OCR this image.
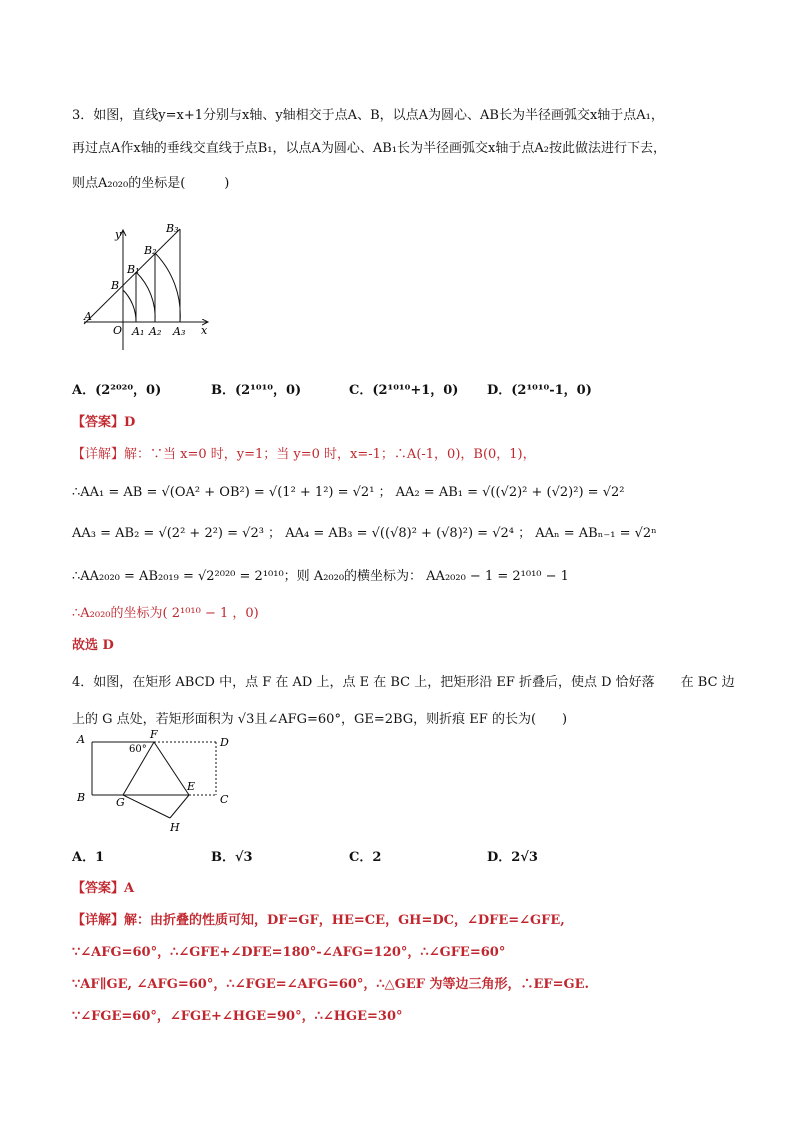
3．如图，直线y=x+1分别与x轴、y轴相交于点A、B，以点A为圆心、AB长为半径画弧交x轴于点A₁，
再过点A作x轴的垂线交直线于点B₁，以点A为圆心、AB₁长为半径画弧交x轴于点A₂按此做法进行下去，
则点A₂₀₂₀的坐标是(　　　)
y
x
A
O
B
B₁
B₂
B₃
A₁ A₂ A₃
A．(2²⁰²⁰，0)	B．(2¹⁰¹⁰，0)	C．(2¹⁰¹⁰+1，0) D．(2¹⁰¹⁰-1，0)
【答案】D
【详解】解：∵当 x=0 时，y=1；当 y=0 时，x=-1；∴A(-1，0)，B(0，1)，
∴AA₁ = AB = √(OA² + OB²) = √(1² + 1²) = √2¹ ； AA₂ = AB₁ = √((√2)² + (√2)²) = √2²
AA₃ = AB₂ = √(2² + 2²) = √2³ ； AA₄ = AB₃ = √((√8)² + (√8)²) = √2⁴ ； AAₙ = ABₙ₋₁ = √2ⁿ
∴AA₂₀₂₀ = AB₂₀₁₉ = √2²⁰²⁰ = 2¹⁰¹⁰；则 A₂₀₂₀的横坐标为： AA₂₀₂₀ − 1 = 2¹⁰¹⁰ − 1
∴A₂₀₂₀的坐标为( 2¹⁰¹⁰ − 1 ，0)
故选 D
4．如图，在矩形 ABCD 中，点 F 在 AD 上，点 E 在 BC 上，把矩形沿 EF 折叠后，使点 D 恰好落　　在 BC 边
上的 G 点处，若矩形面积为 √3且∠AFG=60°，GE=2BG，则折痕 EF 的长为(　　)
A	F
D
B	G
E
C
H
60°
A．1	B．√3	C．2	D．2√3
【答案】A
【详解】解：由折叠的性质可知，DF=GF，HE=CE，GH=DC，∠DFE=∠GFE,
∵∠AFG=60°，∴∠GFE+∠DFE=180°-∠AFG=120°，∴∠GFE=60°
∵AF∥GE, ∠AFG=60°，∴∠FGE=∠AFG=60°，∴△GEF 为等边三角形，∴EF=GE.
∵∠FGE=60°，∠FGE+∠HGE=90°，∴∠HGE=30°
